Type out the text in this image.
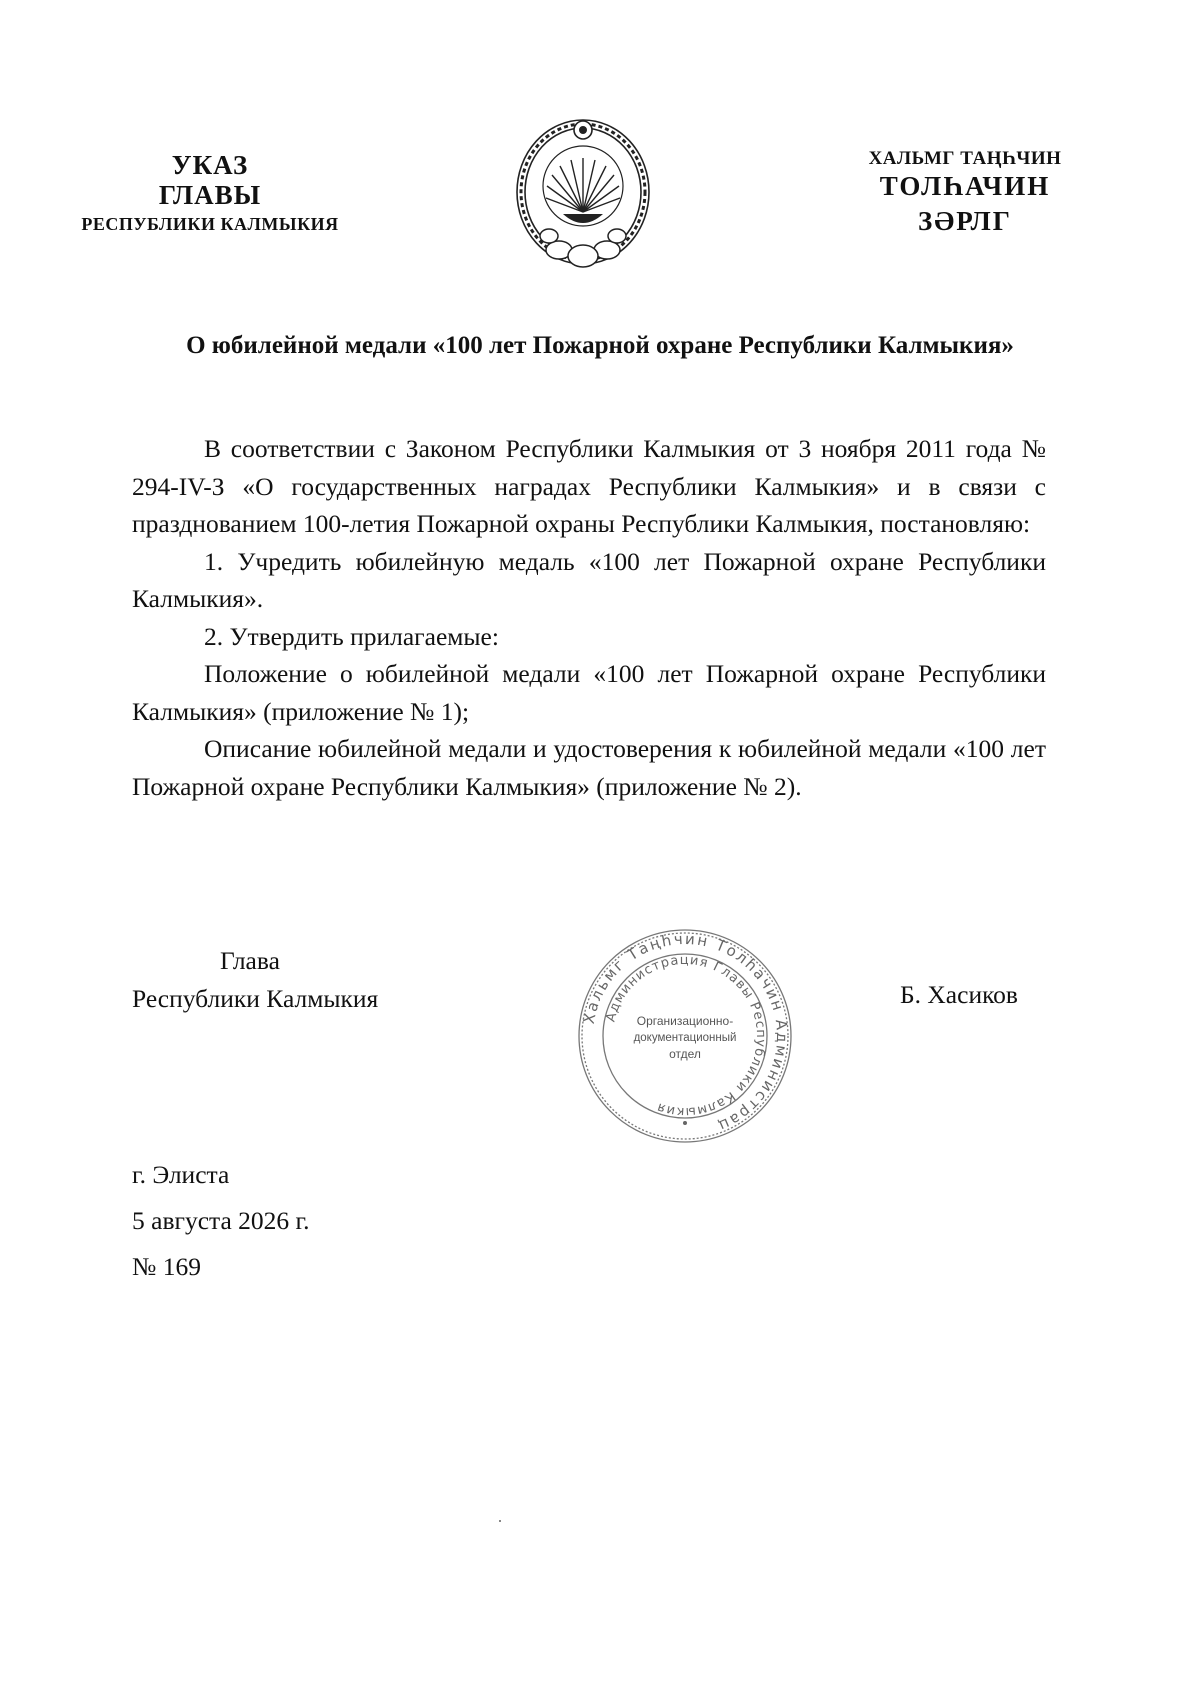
УКАЗ
ГЛАВЫ
РЕСПУБЛИКИ КАЛМЫКИЯ
ХАЛЬМГ ТАҢҺЧИН
ТОЛҺАЧИН
ЗӘРЛГ
О юбилейной медали «100 лет Пожарной охране Республики Калмыкия»

В соответствии с Законом Республики Калмыкия от 3 ноября 2011 года № 294-IV-З «О государственных наградах Республики Калмыкия» и в связи с празднованием 100-летия Пожарной охраны Республики Калмыкия, постановляю:

1. Учредить юбилейную медаль «100 лет Пожарной охране Республики Калмыкия».

2. Утвердить прилагаемые:

Положение о юбилейной медали «100 лет Пожарной охране Республики Калмыкия» (приложение № 1);

Описание юбилейной медали и удостоверения к юбилейной медали «100 лет Пожарной охране Республики Калмыкия» (приложение № 2).

Глава
Республики Калмыкия
Хальмг Таңһчин Толһачин Администрац
Администрация Главы Республики Калмыкия
Организационно-
документационный
отдел
Б. Хасиков
г. Элиста
5 августа 2026 г.
№ 169
